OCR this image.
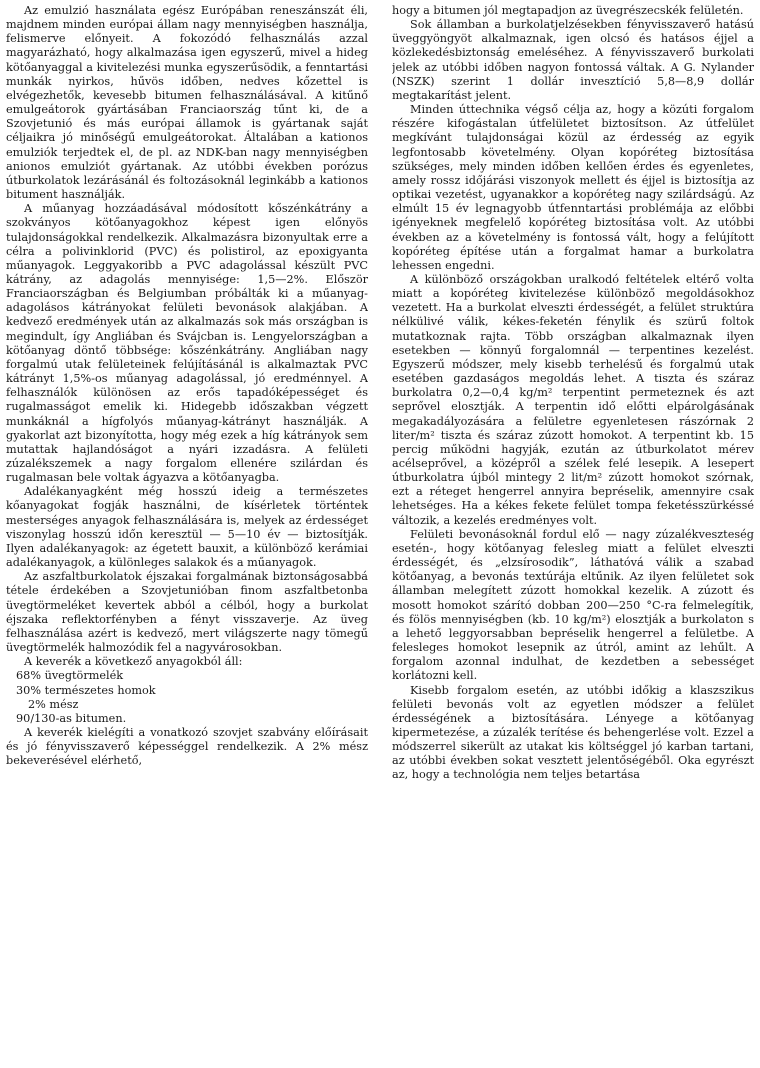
Az emulzió használata egész Európában reneszánszát éli, majdnem minden európai állam nagy mennyiségben használja, felismerve előnyeit. A fokozódó felhasználás azzal magyarázható, hogy alkalmazása igen egyszerű, mivel a hideg kötőanyaggal a kivitelezési munka egyszerűsödik, a fenntartási munkák nyirkos, hűvös időben, nedves kőzettel is elvégezhetők, kevesebb bitumen felhasználásával. A kitűnő emulgeátorok gyártásában Franciaország tűnt ki, de a Szovjetunió és más európai államok is gyártanak saját céljaikra jó minőségű emulgeátorokat. Általában a kationos emulziók terjedtek el, de pl. az NDK-ban nagy mennyiségben anionos emulziót gyártanak. Az utóbbi években porózus útburkolatok lezárásánál és foltozásoknál leginkább a kationos bitument használják.

A műanyag hozzáadásával módosított kőszénkátrány a szokványos kötőanyagokhoz képest igen előnyös tulajdonságokkal rendelkezik. Alkalmazásra bizonyultak erre a célra a polivinklorid (PVC) és polistirol, az epoxigyanta műanyagok. Leggyakoribb a PVC adagolással készült PVC kátrány, az adagolás mennyisége: 1,5—2%. Először Franciaországban és Belgiumban próbálták ki a műanyag-adagolásos kátrányokat felületi bevonások alakjában. A kedvező eredmények után az alkalmazás sok más országban is megindult, így Angliában és Svájcban is. Lengyelországban a kötőanyag döntő többsége: kőszénkátrány. Angliában nagy forgalmú utak felületeinek felújításánál is alkalmaztak PVC kátrányt 1,5%-os műanyag adagolással, jó eredménnyel. A felhasználók különösen az erős tapadóképességet és rugalmasságot emelik ki. Hidegebb időszakban végzett munkáknál a hígfolyós műanyag-kátrányt használják. A gyakorlat azt bizonyította, hogy még ezek a híg kátrányok sem mutattak hajlandóságot a nyári izzadásra. A felületi zúzalékszemek a nagy forgalom ellenére szilárdan és rugalmasan bele voltak ágyazva a kötőanyagba.

Adalékanyagként még hosszú ideig a természetes kőanyagokat fogják használni, de kísérletek történtek mesterséges anyagok felhasználására is, melyek az érdességet viszonylag hosszú időn keresztül — 5—10 év — biztosítják. Ilyen adalékanyagok: az égetett bauxit, a különböző kerámiai adalékanyagok, a különleges salakok és a műanyagok.

Az aszfaltburkolatok éjszakai forgalmának biztonságosabbá tétele érdekében a Szovjetunióban finom aszfaltbetonba üvegtörmeléket kevertek abból a célból, hogy a burkolat éjszaka reflektorfényben a fényt visszaverje. Az üveg felhasználása azért is kedvező, mert világszerte nagy tömegű üvegtörmelék halmozódik fel a nagyvárosokban.

A keverék a következő anyagokból áll:

68% üvegtörmelék
30% természetes homok
2% mész
90/130-as bitumen.

A keverék kielégíti a vonatkozó szovjet szabvány előírásait és jó fényvisszaverő képességgel rendelkezik. A 2% mész bekeverésével elérhető,

hogy a bitumen jól megtapadjon az üvegrészecskék felületén.

Sok államban a burkolatjelzésekben fényvisszaverő hatású üveggyöngyöt alkalmaznak, igen olcsó és hatásos éjjel a közlekedésbiztonság emeléséhez. A fényvisszaverő burkolati jelek az utóbbi időben nagyon fontossá váltak. A G. Nylander (NSZK) szerint 1 dollár invesztíció 5,8—8,9 dollár megtakarítást jelent.

Minden úttechnika végső célja az, hogy a közúti forgalom részére kifogástalan útfelületet biztosítson. Az útfelület megkívánt tulajdonságai közül az érdesség az egyik legfontosabb követelmény. Olyan kopóréteg biztosítása szükséges, mely minden időben kellően érdes és egyenletes, amely rossz időjárási viszonyok mellett és éjjel is biztosítja az optikai vezetést, ugyanakkor a kopóréteg nagy szilárdságú. Az elmúlt 15 év legnagyobb útfenntartási problémája az előbbi igényeknek megfelelő kopóréteg biztosítása volt. Az utóbbi években az a követelmény is fontossá vált, hogy a felújított kopóréteg építése után a forgalmat hamar a burkolatra lehessen engedni.

A különböző országokban uralkodó feltételek eltérő volta miatt a kopóréteg kivitelezése különböző megoldásokhoz vezetett. Ha a burkolat elveszti érdességét, a felület struktúra nélkülivé válik, kékes-feketén fénylik és szürű foltok mutatkoznak rajta. Több országban alkalmaznak ilyen esetekben — könnyű forgalomnál — terpentines kezelést. Egyszerű módszer, mely kisebb terhelésű és forgalmú utak esetében gazdaságos megoldás lehet. A tiszta és száraz burkolatra 0,2—0,4 kg/m² terpentint permeteznek és azt seprővel elosztják. A terpentin idő előtti elpárolgásának megakadályozására a felületre egyenletesen rászórnak 2 liter/m² tiszta és száraz zúzott homokot. A terpentint kb. 15 percig működni hagyják, ezután az útburkolatot mérev acélseprővel, a középről a szélek felé lesepik. A lesepert útburkolatra újból mintegy 2 lit/m² zúzott homokot szórnak, ezt a réteget hengerrel annyira bepréselik, amennyire csak lehetséges. Ha a kékes fekete felület tompa feketésszürkéssé változik, a kezelés eredményes volt.

Felületi bevonásoknál fordul elő — nagy zúzalékveszteség esetén-, hogy kötőanyag felesleg miatt a felület elveszti érdességét, és „elzsírosodik”, láthatóvá válik a szabad kötőanyag, a bevonás textúrája eltűnik. Az ilyen felületet sok államban melegített zúzott homokkal kezelik. A zúzott és mosott homokot szárító dobban 200—250 °C-ra felmelegítik, és fölös mennyiségben (kb. 10 kg/m²) elosztják a burkolaton s a lehető leggyorsabban bepréselik hengerrel a felületbe. A felesleges homokot lesepnik az útról, amint az lehűlt. A forgalom azonnal indulhat, de kezdetben a sebességet korlátozni kell.

Kisebb forgalom esetén, az utóbbi időkig a klaszszikus felületi bevonás volt az egyetlen módszer a felület érdességének a biztosítására. Lényege a kötőanyag kipermetezése, a zúzalék terítése és behengerlése volt. Ezzel a módszerrel sikerült az utakat kis költséggel jó karban tartani, az utóbbi években sokat vesztett jelentőségéből. Oka egyrészt az, hogy a technológia nem teljes betartása
